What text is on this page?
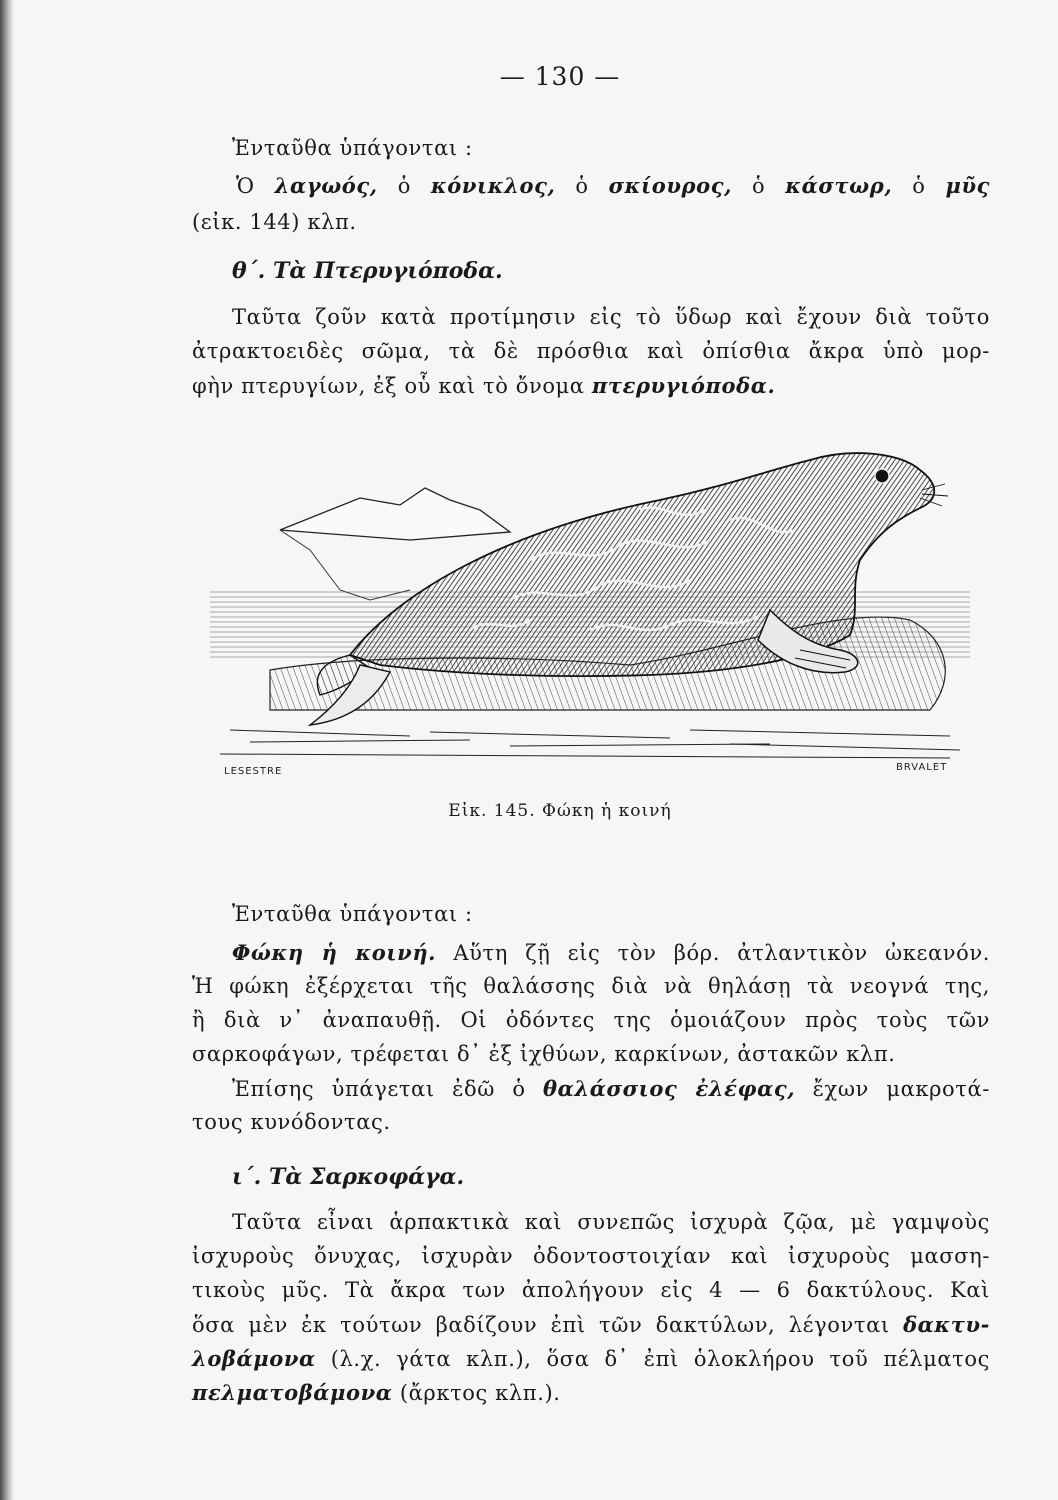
— 130 —
Ἐνταῦθα ὑπάγονται :
Ὁ λαγωός, ὁ κόνικλος, ὁ σκίουρος, ὁ κάστωρ, ὁ μῦς
(εἰκ. 144) κλπ.
θ΄. Τὰ Πτερυγιόποδα.
Ταῦτα ζοῦν κατὰ προτίμησιν εἰς τὸ ὕδωρ καὶ ἔχουν διὰ τοῦτο
ἀτρακτοειδὲς σῶμα, τὰ δὲ πρόσθια καὶ ὀπίσθια ἄκρα ὑπὸ μορ-
φὴν πτερυγίων, ἐξ οὗ καὶ τὸ ὄνομα πτερυγιόποδα.
LESESTRE	BRVALET
Εἰκ. 145. Φώκη ἡ κοινή
Ἐνταῦθα ὑπάγονται :
Φώκη ἡ κοινή. Αὕτη ζῇ εἰς τὸν βόρ. ἀτλαντικὸν ὠκεανόν.
Ἡ φώκη ἐξέρχεται τῆς θαλάσσης διὰ νὰ θηλάσῃ τὰ νεογνά της,
ἢ διὰ ν᾽ ἀναπαυθῇ. Οἱ ὀδόντες της ὁμοιάζουν πρὸς τοὺς τῶν
σαρκοφάγων, τρέφεται δ᾽ ἐξ ἰχθύων, καρκίνων, ἀστακῶν κλπ.
Ἐπίσης ὑπάγεται ἐδῶ ὁ θαλάσσιος ἐλέφας, ἔχων μακροτά-
τους κυνόδοντας.
ι΄. Τὰ Σαρκοφάγα.
Ταῦτα εἶναι ἁρπακτικὰ καὶ συνεπῶς ἰσχυρὰ ζῷα, μὲ γαμψοὺς
ἰσχυροὺς ὄνυχας, ἰσχυρὰν ὀδοντοστοιχίαν καὶ ἰσχυροὺς μασση-
τικοὺς μῦς. Τὰ ἄκρα των ἀπολήγουν εἰς 4 — 6 δακτύλους. Καὶ
ὅσα μὲν ἐκ τούτων βαδίζουν ἐπὶ τῶν δακτύλων, λέγονται δακτυ-
λοβάμονα (λ.χ. γάτα κλπ.), ὅσα δ᾽ ἐπὶ ὁλοκλήρου τοῦ πέλματος
πελματοβάμονα (ἄρκτος κλπ.).
